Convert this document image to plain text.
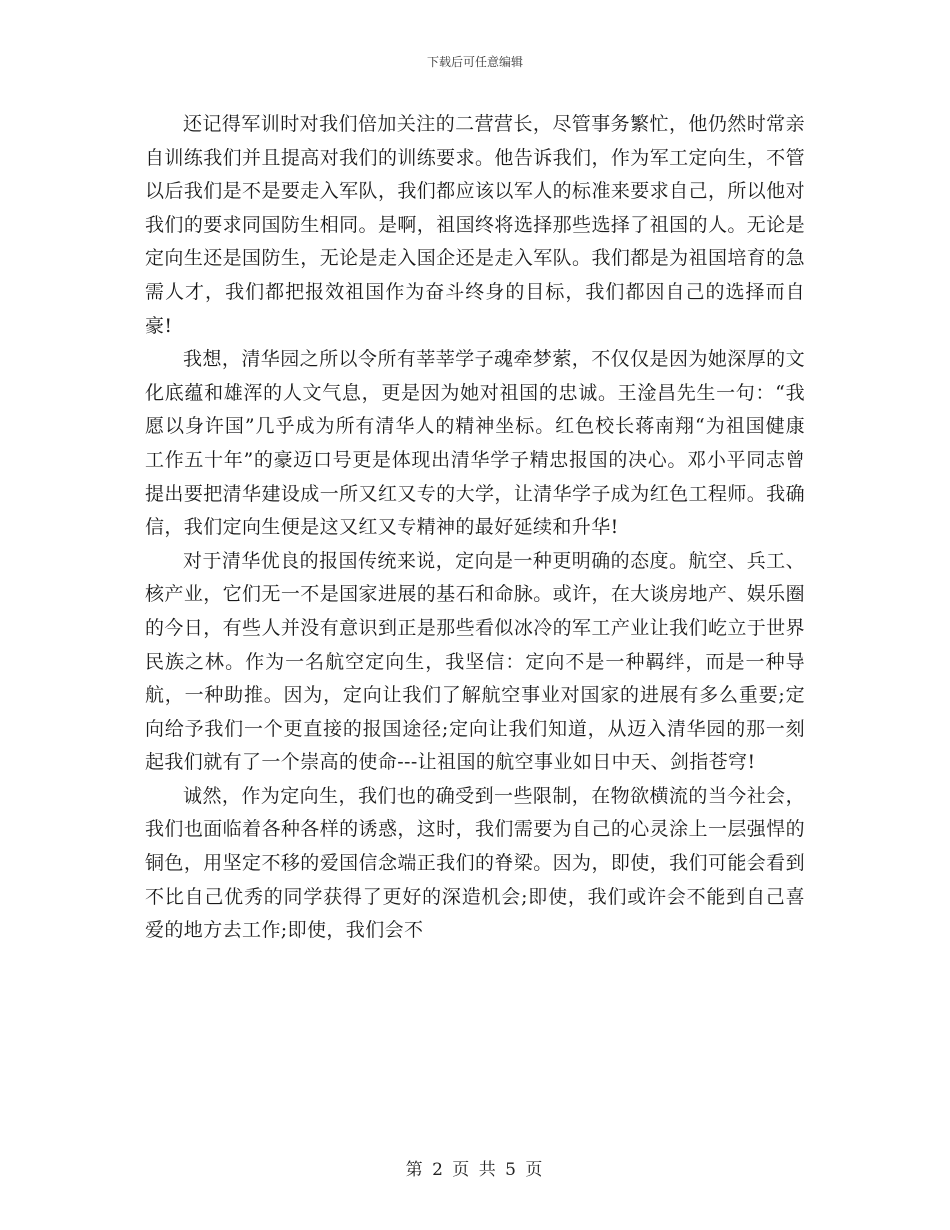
下载后可任意编辑

还记得军训时对我们倍加关注的二营营长，尽管事务繁忙，他仍然时常亲自训练我们并且提高对我们的训练要求。他告诉我们，作为军工定向生，不管以后我们是不是要走入军队，我们都应该以军人的标准来要求自己，所以他对我们的要求同国防生相同。是啊，祖国终将选择那些选择了祖国的人。无论是定向生还是国防生，无论是走入国企还是走入军队。我们都是为祖国培育的急需人才，我们都把报效祖国作为奋斗终身的目标，我们都因自己的选择而自豪!

我想，清华园之所以令所有莘莘学子魂牵梦萦，不仅仅是因为她深厚的文化底蕴和雄浑的人文气息，更是因为她对祖国的忠诚。王淦昌先生一句：“我愿以身许国”几乎成为所有清华人的精神坐标。红色校长蒋南翔“为祖国健康工作五十年”的豪迈口号更是体现出清华学子精忠报国的决心。邓小平同志曾提出要把清华建设成一所又红又专的大学，让清华学子成为红色工程师。我确信，我们定向生便是这又红又专精神的最好延续和升华!

对于清华优良的报国传统来说，定向是一种更明确的态度。航空、兵工、核产业，它们无一不是国家进展的基石和命脉。或许，在大谈房地产、娱乐圈的今日，有些人并没有意识到正是那些看似冰冷的军工产业让我们屹立于世界民族之林。作为一名航空定向生，我坚信：定向不是一种羁绊，而是一种导航，一种助推。因为，定向让我们了解航空事业对国家的进展有多么重要;定向给予我们一个更直接的报国途径;定向让我们知道，从迈入清华园的那一刻起我们就有了一个崇高的使命---让祖国的航空事业如日中天、剑指苍穹!

诚然，作为定向生，我们也的确受到一些限制，在物欲横流的当今社会，我们也面临着各种各样的诱惑，这时，我们需要为自己的心灵涂上一层强悍的铜色，用坚定不移的爱国信念端正我们的脊梁。因为，即使，我们可能会看到不比自己优秀的同学获得了更好的深造机会;即使，我们或许会不能到自己喜爱的地方去工作;即使，我们会不

第 2 页 共 5 页
